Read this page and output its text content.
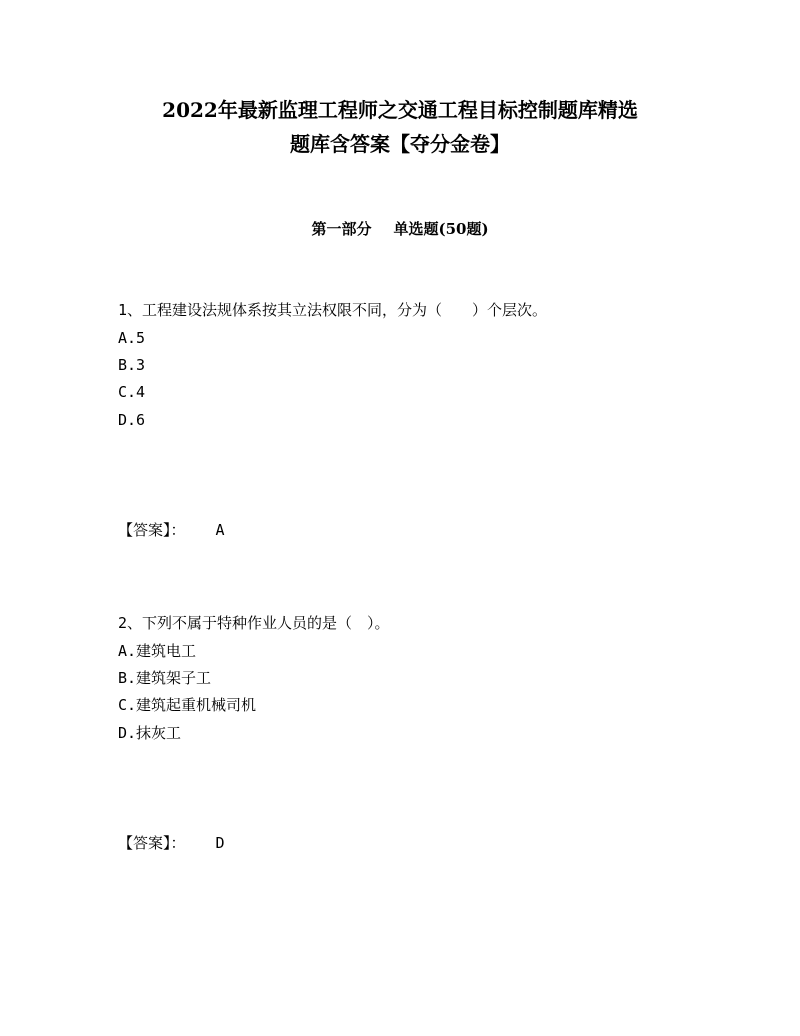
2022年最新监理工程师之交通工程目标控制题库精选
题库含答案【夺分金卷】
第一部分 单选题(50题)
1、工程建设法规体系按其立法权限不同，分为（　　）个层次。
A.5
B.3
C.4
D.6
【答案】： A
2、下列不属于特种作业人员的是（　）。
A.建筑电工
B.建筑架子工
C.建筑起重机械司机
D.抹灰工
【答案】： D
